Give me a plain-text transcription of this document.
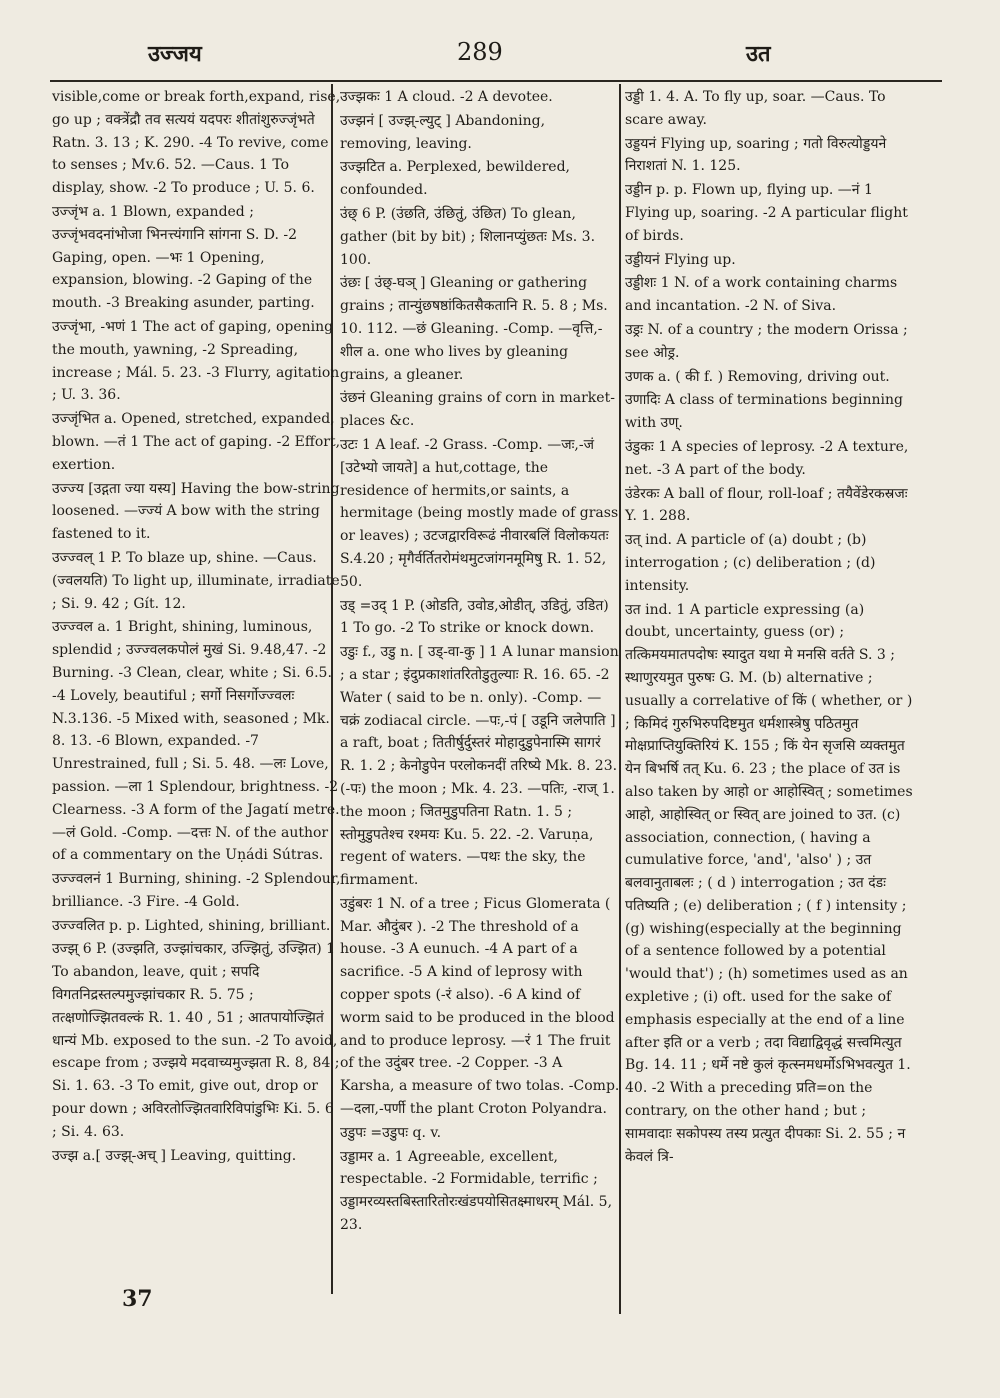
उज्जय	289	उत

visible,come or break forth,expand, rise, go up ; वक्त्रेंद्रौ तव सत्ययं यदपरः शीतांशुरुज्जृंभते Ratn. 3. 13 ; K. 290. -4 To revive, come to senses ; Mv.6. 52. —Caus. 1 To display, show. -2 To produce ; U. 5. 6.

उज्जृंभ a. 1 Blown, expanded ; उज्जृंभवदनांभोजा भिनत्त्यंगानि सांगना S. D. -2 Gaping, open. —भः 1 Opening, expansion, blowing. -2 Gaping of the mouth. -3 Breaking asunder, parting.

उज्जृंभा, -भणं 1 The act of gaping, opening the mouth, yawning, -2 Spreading, increase ; Mál. 5. 23. -3 Flurry, agitation ; U. 3. 36.

उज्जृंभित a. Opened, stretched, expanded, blown. —तं 1 The act of gaping. -2 Effort, exertion.

उज्ज्य [उद्गता ज्या यस्य] Having the bow-string loosened. —ज्ज्यं A bow with the string fastened to it.

उज्ज्वल् 1 P. To blaze up, shine. —Caus. (ज्वलयति) To light up, illuminate, irradiate ; Si. 9. 42 ; Gít. 12.

उज्ज्वल a. 1 Bright, shining, luminous, splendid ; उज्ज्वलकपोलं मुखं Si. 9.48,47. -2 Burning. -3 Clean, clear, white ; Si. 6.5. -4 Lovely, beautiful ; सर्गो निसर्गोज्ज्वलः N.3.136. -5 Mixed with, seasoned ; Mk. 8. 13. -6 Blown, expanded. -7 Unrestrained, full ; Si. 5. 48. —लः Love, passion. —ला 1 Splendour, brightness. -2 Clearness. -3 A form of the Jagatí metre. —लं Gold. -Comp. —दत्तः N. of the author of a commentary on the Uṇádi Sútras.

उज्ज्वलनं 1 Burning, shining. -2 Splendour, brilliance. -3 Fire. -4 Gold.

उज्ज्वलित p. p. Lighted, shining, brilliant.

उज्झ् 6 P. (उज्झति, उज्झांचकार, उज्झितुं, उज्झित) 1 To abandon, leave, quit ; सपदि विगतनिद्रस्तल्पमुज्झांचकार R. 5. 75 ; तत्क्षणोज्झितवल्कं R. 1. 40 , 51 ; आतपायोज्झितं धान्यं Mb. exposed to the sun. -2 To avoid, escape from ; उज्झये मदवाच्यमुज्झता R. 8, 84 ; Si. 1. 63. -3 To emit, give out, drop or pour down ; अविरतोज्झितवारिविपांडुभिः Ki. 5. 6 ; Si. 4. 63.

उज्झ a.[ उज्झ्-अच् ] Leaving, quitting.

उज्झकः 1 A cloud. -2 A devotee.

उज्झनं [ उज्झ्-ल्युट् ] Abandoning, removing, leaving.

उज्झटित a. Perplexed, bewildered, confounded.

उंछ् 6 P. (उंछति, उंछितुं, उंछित) To glean, gather (bit by bit) ; शिलानप्युंछतः Ms. 3. 100.

उंछः [ उंछ्-घञ् ] Gleaning or gathering grains ; तान्युंछषष्ठांकितसैकतानि R. 5. 8 ; Ms. 10. 112. —छं Gleaning. -Comp. —वृत्ति,-शील a. one who lives by gleaning grains, a gleaner.

उंछनं Gleaning grains of corn in market-places &c.

उटः 1 A leaf. -2 Grass. -Comp. —जः,-जं [उटेभ्यो जायते] a hut,cottage, the residence of hermits,or saints, a hermitage (being mostly made of grass or leaves) ; उटजद्वारविरूढं नीवारबलिं विलोकयतः S.4.20 ; मृगैर्वर्तितरोमंथमुटजांगनमूमिषु R. 1. 52, 50.

उड् =उद् 1 P. (ओडति, उवोड,ओडीत्, उडितुं, उडित) 1 To go. -2 To strike or knock down.

उडुः f., उडु n. [ उड्-वा-कु ] 1 A lunar mansion ; a star ; इंदुप्रकाशांतरितोडुतुल्याः R. 16. 65. -2 Water ( said to be n. only). -Comp. —चक्रं zodiacal circle. —पः,-पं [ उडूनि जलेपाति ] a raft, boat ; तितीर्षुर्दुस्तरं मोहादुडुपेनास्मि सागरं R. 1. 2 ; केनोडुपेन परलोकनदीं तरिष्ये Mk. 8. 23. (-पः) the moon ; Mk. 4. 23. —पतिः, -राज् 1. the moon ; जितमुडुपतिना Ratn. 1. 5 ; स्तोमुडुपतेश्च रश्मयः Ku. 5. 22. -2. Varuṇa, regent of waters. —पथः the sky, the firmament.

उडुंबरः 1 N. of a tree ; Ficus Glomerata ( Mar. औदुंबर ). -2 The threshold of a house. -3 A eunuch. -4 A part of a sacrifice. -5 A kind of leprosy with copper spots (-रं also). -6 A kind of worm said to be produced in the blood and to produce leprosy. —रं 1 The fruit of the उदुंबर tree. -2 Copper. -3 A Karsha, a measure of two tolas. -Comp. —दला,-पर्णी the plant Croton Polyandra.

उडुपः =उडुपः q. v.

उड्डामर a. 1 Agreeable, excellent, respectable. -2 Formidable, terrific ; उड्डामरव्यस्तबिस्तारितोरःखंडपयोसितक्ष्माधरम् Mál. 5, 23.

उड्डी 1. 4. A. To fly up, soar. —Caus. To scare away.

उड्डयनं Flying up, soaring ; गतो विरुत्योड्डयने निराशतां N. 1. 125.

उड्डीन p. p. Flown up, flying up. —नं 1 Flying up, soaring. -2 A particular flight of birds.

उड्डीयनं Flying up.

उड्डीशः 1 N. of a work containing charms and incantation. -2 N. of Siva.

उड्रः N. of a country ; the modern Orissa ; see ओड्र.

उणक a. ( की f. ) Removing, driving out.

उणादिः A class of terminations beginning with उण्.

उंडुकः 1 A species of leprosy. -2 A texture, net. -3 A part of the body.

उंडेरकः A ball of flour, roll-loaf ; तयैवेंडेरकस्रजः Y. 1. 288.

उत् ind. A particle of (a) doubt ; (b) interrogation ; (c) deliberation ; (d) intensity.

उत ind. 1 A particle expressing (a) doubt, uncertainty, guess (or) ; तत्किमयमातपदोषः स्यादुत यथा मे मनसि वर्तते S. 3 ; स्थाणुरयमुत पुरुषः G. M. (b) alternative ; usually a correlative of किं ( whether, or ) ; किमिदं गुरुभिरुपदिष्टमुत धर्मशास्त्रेषु पठितमुत मोक्षप्राप्तियुक्तिरियं K. 155 ; किं येन सृजसि व्यक्तमुत येन बिभर्षि तत् Ku. 6. 23 ; the place of उत is also taken by आहो or आहोस्वित् ; sometimes आहो, आहोस्वित् or स्वित् are joined to उत. (c) association, connection, ( having a cumulative force, 'and', 'also' ) ; उत बलवानुताबलः ; ( d ) interrogation ; उत दंडः पतिष्यति ; (e) deliberation ; ( f ) intensity ; (g) wishing(especially at the beginning of a sentence followed by a potential 'would that') ; (h) sometimes used as an expletive ; (i) oft. used for the sake of emphasis especially at the end of a line after इति or a verb ; तदा विद्याद्विवृद्धं सत्त्वमित्युत Bg. 14. 11 ; धर्मे नष्टे कुलं कृत्स्नमधर्मोऽभिभवत्युत 1. 40. -2 With a preceding प्रति=on the contrary, on the other hand ; but ; सामवादाः सकोपस्य तस्य प्रत्युत दीपकाः Si. 2. 55 ; न केवलं त्रि-

37
